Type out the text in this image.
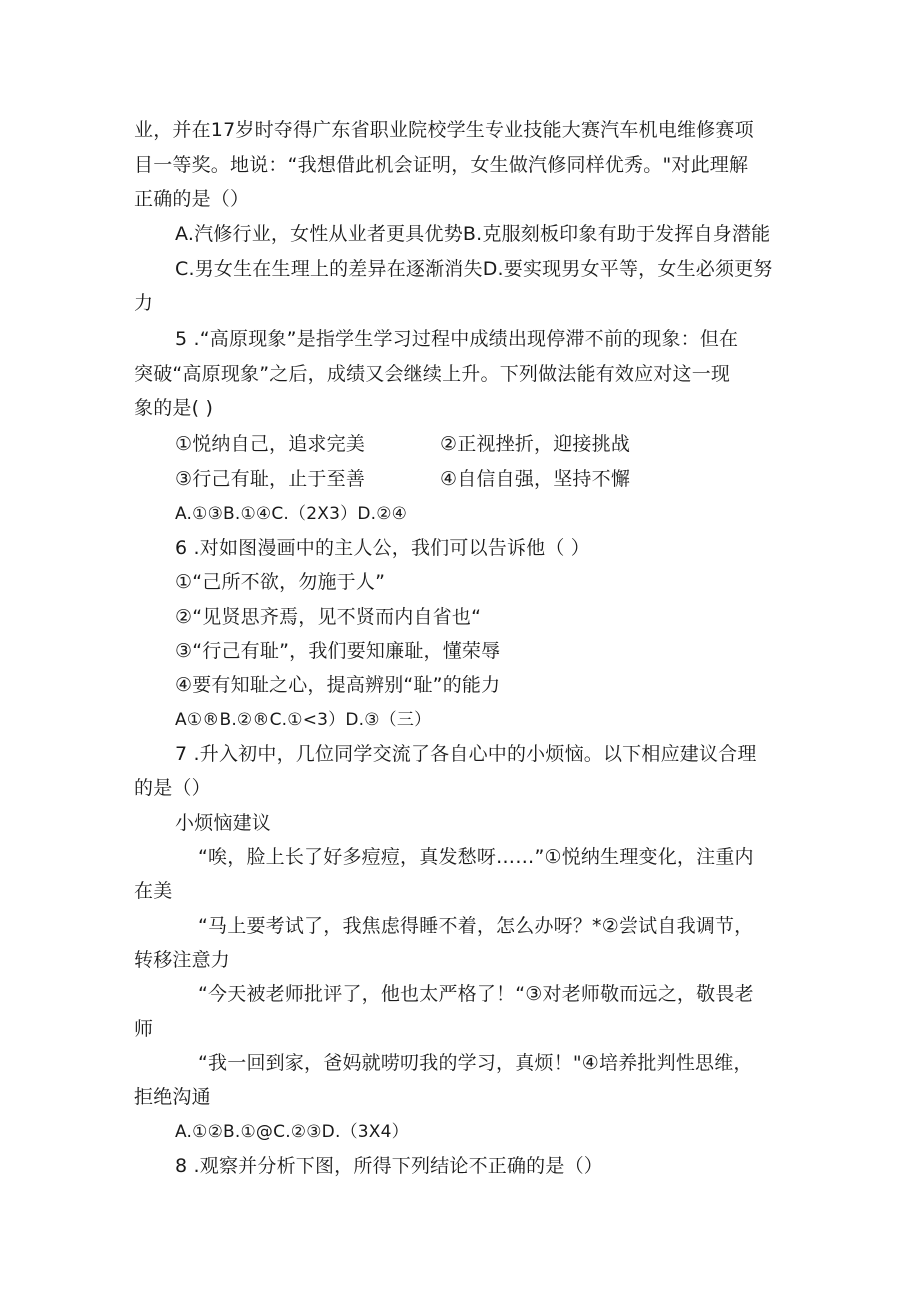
业，并在17岁时夺得广东省职业院校学生专业技能大赛汽车机电维修赛项
目一等奖。地说：“我想借此机会证明，女生做汽修同样优秀。"对此理解
正确的是（）
A.汽修行业，女性从业者更具优势B.克服刻板印象有助于发挥自身潜能
C.男女生在生理上的差异在逐渐消失D.要实现男女平等，女生必须更努
力
5 .“高原现象”是指学生学习过程中成绩出现停滞不前的现象：但在
突破“高原现象”之后，成绩又会继续上升。下列做法能有效应对这一现
象的是( )
①悦纳自己，追求完美	②正视挫折，迎接挑战
③行己有耻，止于至善	④自信自强，坚持不懈
A.①③B.①④C.（2X3）D.②④
6 .对如图漫画中的主人公，我们可以告诉他（ ）
①“己所不欲，勿施于人”
②“见贤思齐焉，见不贤而内自省也“
③“行己有耻”，我们要知廉耻，懂荣辱
④要有知耻之心，提高辨别“耻”的能力
A①®B.②®C.①<3）D.③（三）
7 .升入初中，几位同学交流了各自心中的小烦恼。以下相应建议合理
的是（）
小烦恼建议
“唉，脸上长了好多痘痘，真发愁呀……”①悦纳生理变化，注重内
在美
“马上要考试了，我焦虑得睡不着，怎么办呀？*②尝试自我调节，
转移注意力
“今天被老师批评了，他也太严格了！“③对老师敬而远之，敬畏老
师
“我一回到家，爸妈就唠叨我的学习，真烦！"④培养批判性思维，
拒绝沟通
A.①②B.①@C.②③D.（3X4）
8 .观察并分析下图，所得下列结论不正确的是（）
